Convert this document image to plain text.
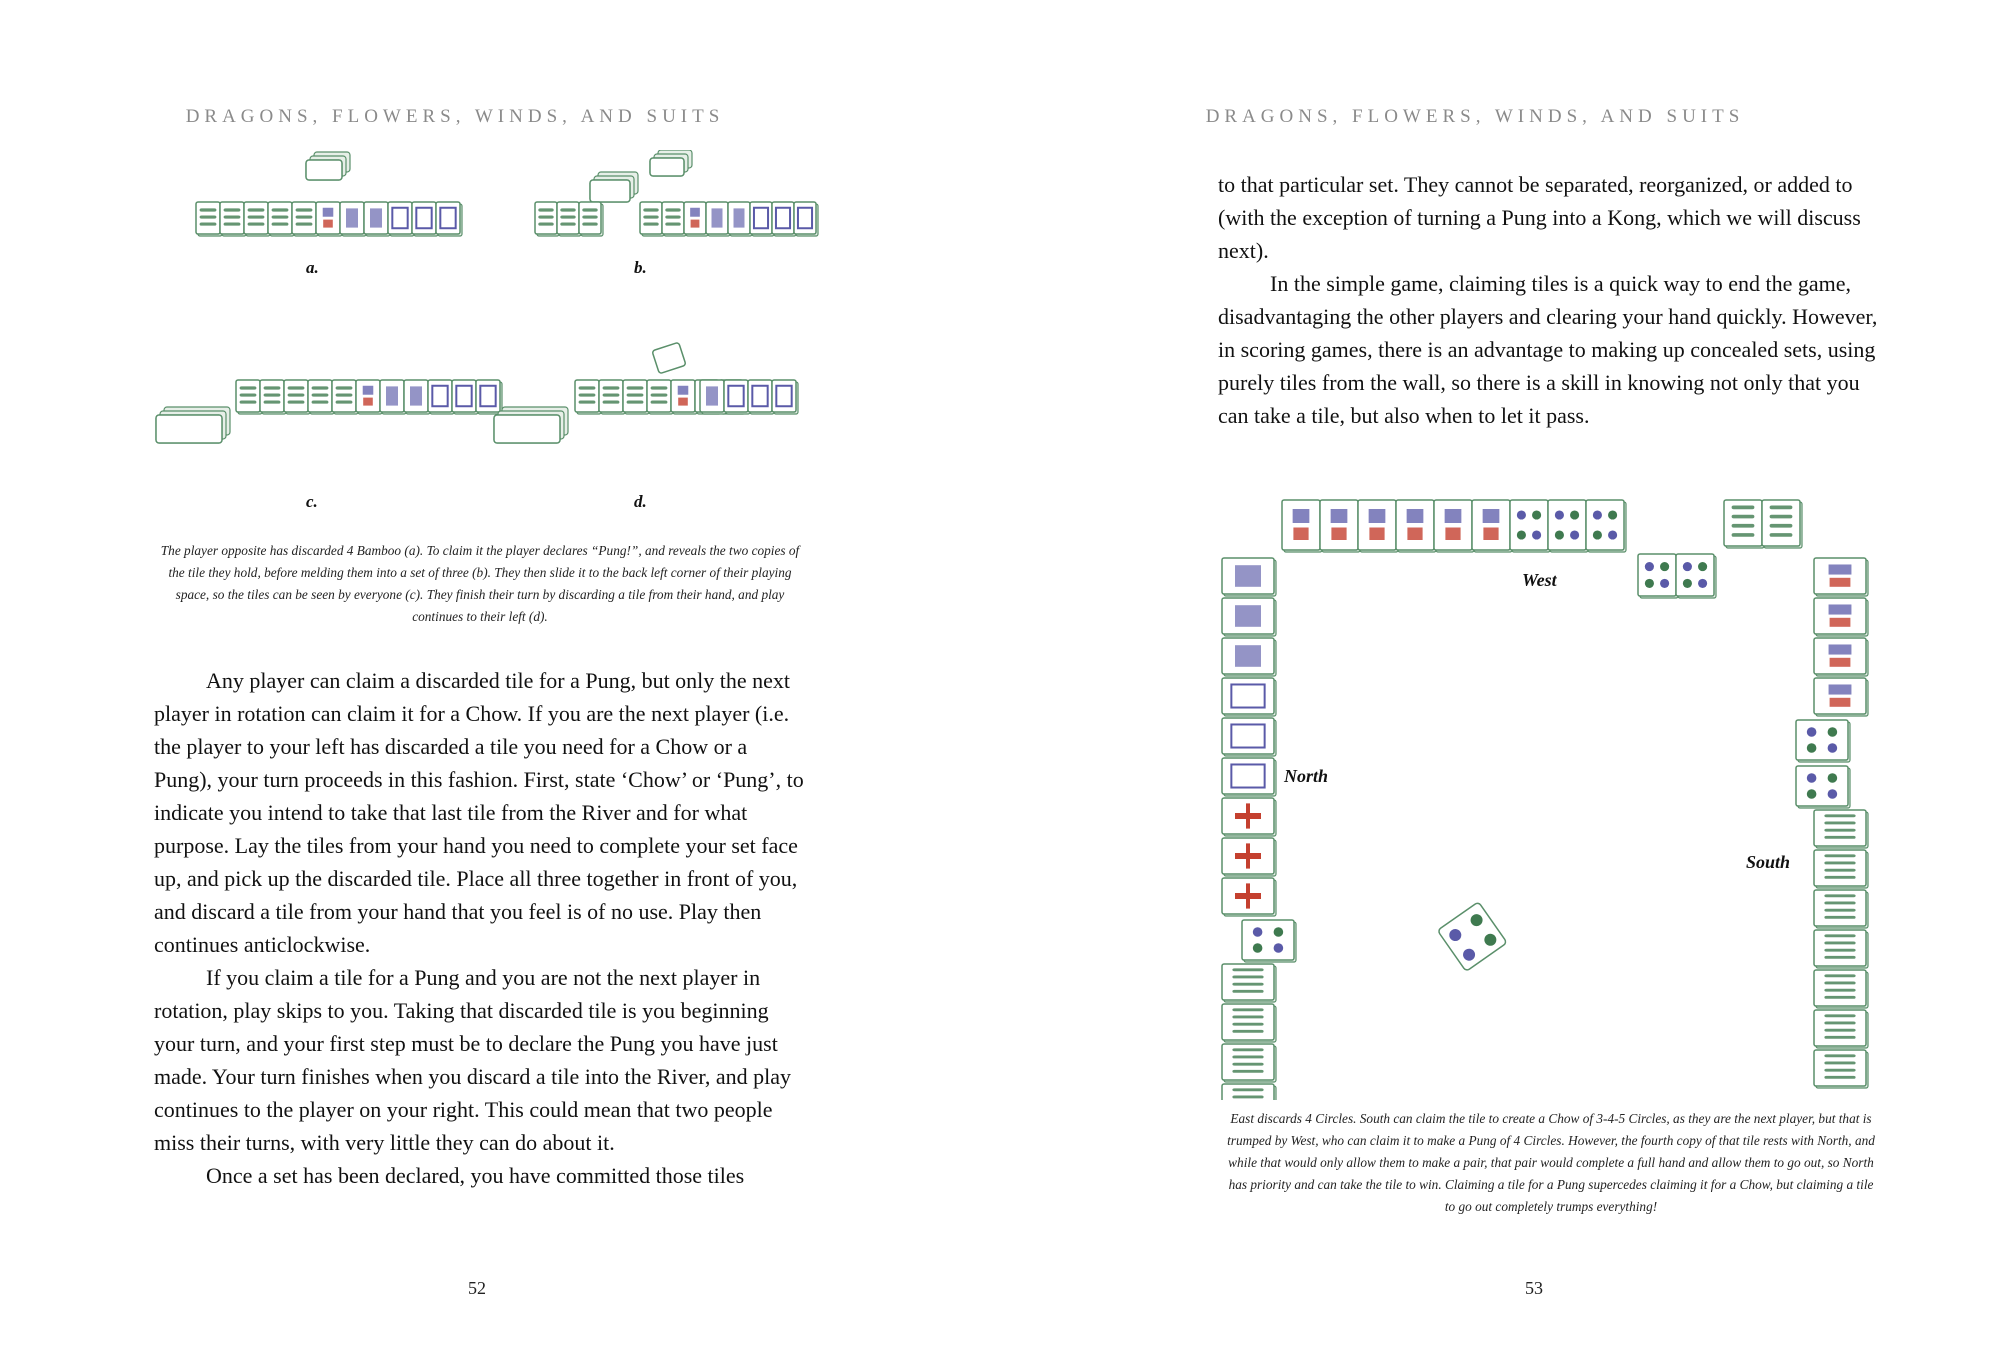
DRAGONS, FLOWERS, WINDS, AND SUITS
a.	b.
c.	d.
The player opposite has discarded 4 Bamboo (a). To claim it the player declares “Pung!”, and reveals the two copies of the tile they hold, before melding them into a set of three (b). They then slide it to the back left corner of their playing space, so the tiles can be seen by everyone (c). They finish their turn by discarding a tile from their hand, and play continues to their left (d).

Any player can claim a discarded tile for a Pung, but only the next player in rotation can claim it for a Chow. If you are the next player (i.e. the player to your left has discarded a tile you need for a Chow or a Pung), your turn proceeds in this fashion. First, state ‘Chow’ or ‘Pung’, to indicate you intend to take that last tile from the River and for what purpose. Lay the tiles from your hand you need to complete your set face up, and pick up the discarded tile. Place all three together in front of you, and discard a tile from your hand that you feel is of no use. Play then continues anticlockwise.

If you claim a tile for a Pung and you are not the next player in rotation, play skips to you. Taking that discarded tile is you beginning your turn, and your first step must be to declare the Pung you have just made. Your turn finishes when you discard a tile into the River, and play continues to the player on your right. This could mean that two people miss their turns, with very little they can do about it.

Once a set has been declared, you have committed those tiles

52
DRAGONS, FLOWERS, WINDS, AND SUITS

to that particular set. They cannot be separated, reorganized, or added to (with the exception of turning a Pung into a Kong, which we will discuss next).

In the simple game, claiming tiles is a quick way to end the game, disadvantaging the other players and clearing your hand quickly. However, in scoring games, there is an advantage to making up concealed sets, using purely tiles from the wall, so there is a skill in knowing not only that you can take a tile, but also when to let it pass.

West
North
South
East discards 4 Circles. South can claim the tile to create a Chow of 3-4-5 Circles, as they are the next player, but that is trumped by West, who can claim it to make a Pung of 4 Circles. However, the fourth copy of that tile rests with North, and while that would only allow them to make a pair, that pair would complete a full hand and allow them to go out, so North has priority and can take the tile to win. Claiming a tile for a Pung supercedes claiming it for a Chow, but claiming a tile to go out completely trumps everything!
53
